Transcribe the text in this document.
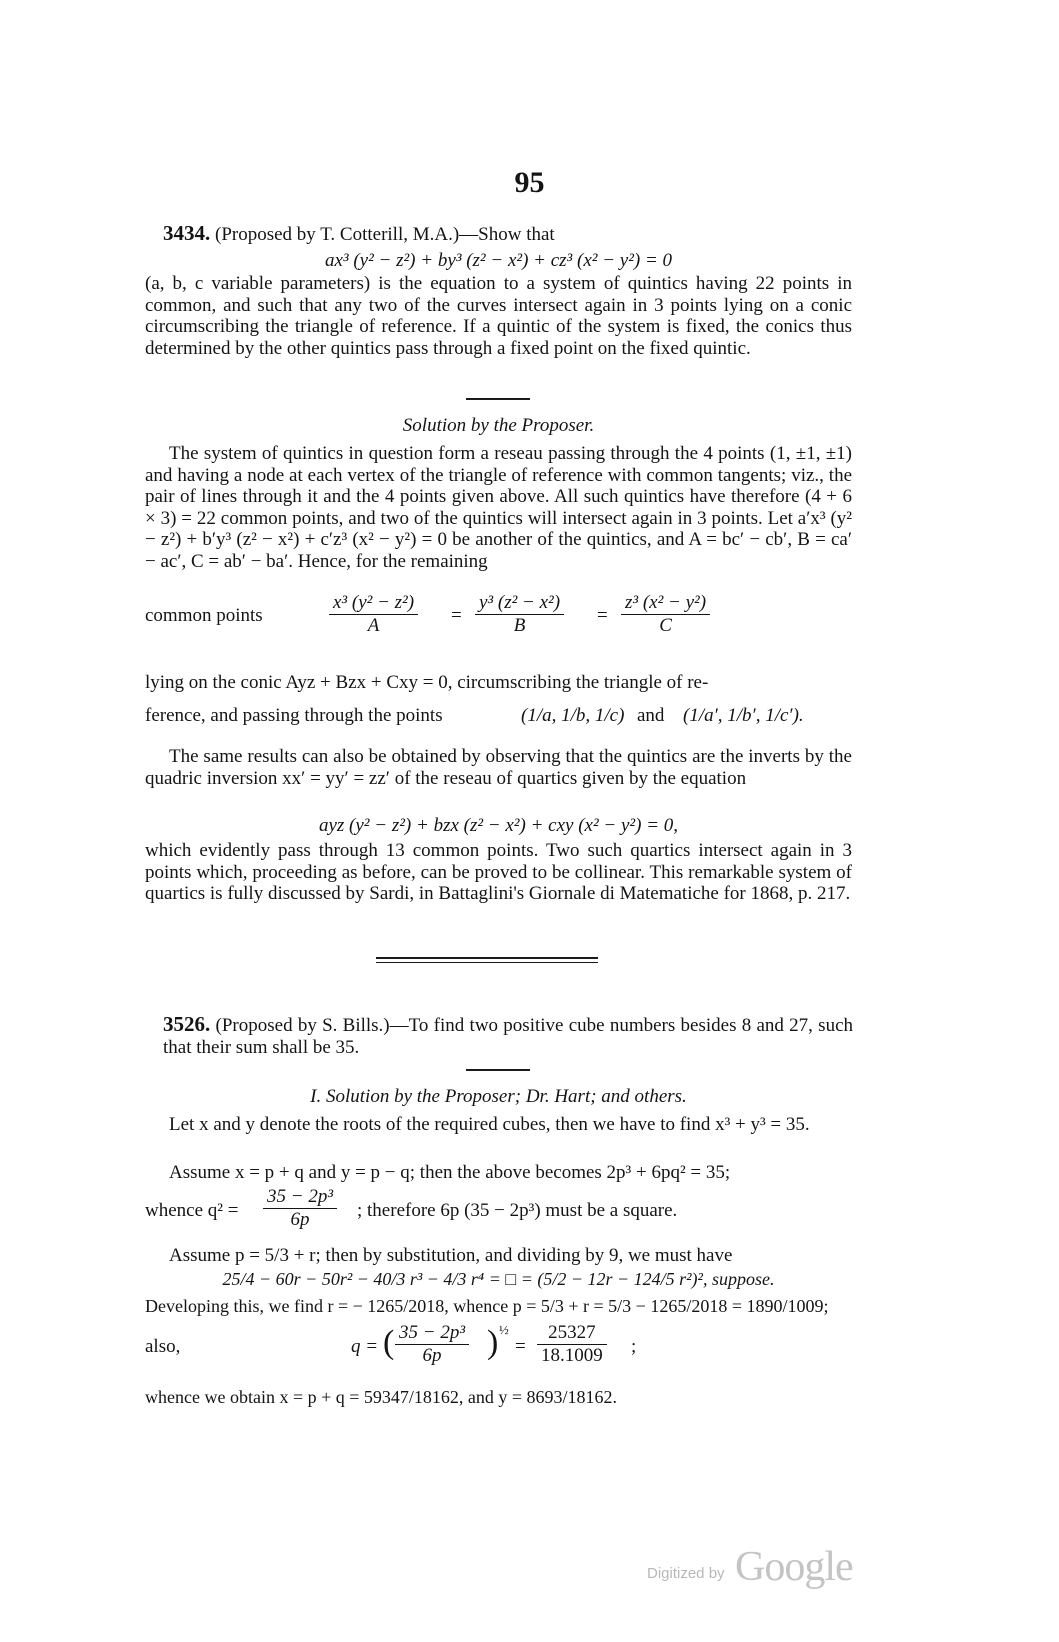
95
3434. (Proposed by T. Cotterill, M.A.)—Show that
ax³ (y² − z²) + by³ (z² − x²) + cz³ (x² − y²) = 0
(a, b, c variable parameters) is the equation to a system of quintics having 22 points in common, and such that any two of the curves intersect again in 3 points lying on a conic circumscribing the triangle of reference. If a quintic of the system is fixed, the conics thus determined by the other quintics pass through a fixed point on the fixed quintic.
Solution by the Proposer.
The system of quintics in question form a reseau passing through the 4 points (1, ±1, ±1) and having a node at each vertex of the triangle of reference with common tangents; viz., the pair of lines through it and the 4 points given above. All such quintics have therefore (4 + 6 × 3) = 22 common points, and two of the quintics will intersect again in 3 points. Let a′x³ (y² − z²) + b′y³ (z² − x²) + c′z³ (x² − y²) = 0 be another of the quintics, and A = bc′ − cb′, B = ca′ − ac′, C = ab′ − ba′. Hence, for the remaining
common points	$\frac{\text{x³ (y² − z²)}}{A} = \frac{\text{y³ (z² − x²)}}{B} = \frac{\text{z³ (x² − y²)}}{C}$
lying on the conic Ayz + Bzx + Cxy = 0, circumscribing the triangle of re-
ference, and passing through the points	(1/a, 1/b, 1/c) and (1/a′, 1/b′, 1/c′).
The same results can also be obtained by observing that the quintics are the inverts by the quadric inversion xx′ = yy′ = zz′ of the reseau of quartics given by the equation
ayz (y² − z²) + bzx (z² − x²) + cxy (x² − y²) = 0,
which evidently pass through 13 common points. Two such quartics intersect again in 3 points which, proceeding as before, can be proved to be collinear. This remarkable system of quartics is fully discussed by Sardi, in Battaglini's Giornale di Matematiche for 1868, p. 217.
3526. (Proposed by S. Bills.)—To find two positive cube numbers besides 8 and 27, such that their sum shall be 35.
I. Solution by the Proposer; Dr. Hart; and others.
Let x and y denote the roots of the required cubes, then we have to find x³ + y³ = 35.
Assume x = p + q and y = p − q; then the above becomes 2p³ + 6pq² = 35;
whence $q^2 = \frac{\text{35 − 2p³}}{6p}$ ; therefore 6p (35 − 2p³) must be a square.
Assume p = 5/3 + r; then by substitution, and dividing by 9, we must have
25/4 − 60r − 50r² − 40/3 r³ − 4/3 r⁴ = □ = (5/2 − 12r − 124/5 r²)², suppose.
Developing this, we find r = − 1265/2018, whence p = 5/3 + r = 5/3 − 1265/2018 = 1890/1009;
also,	q = ( $\frac{\text{35 − 2p³}}{6p}$ ) ½
= $\frac{25327}{18.1009}$ ;
whence we obtain x = p + q = 59347/18162, and y = 8693/18162.
Digitized by Google
